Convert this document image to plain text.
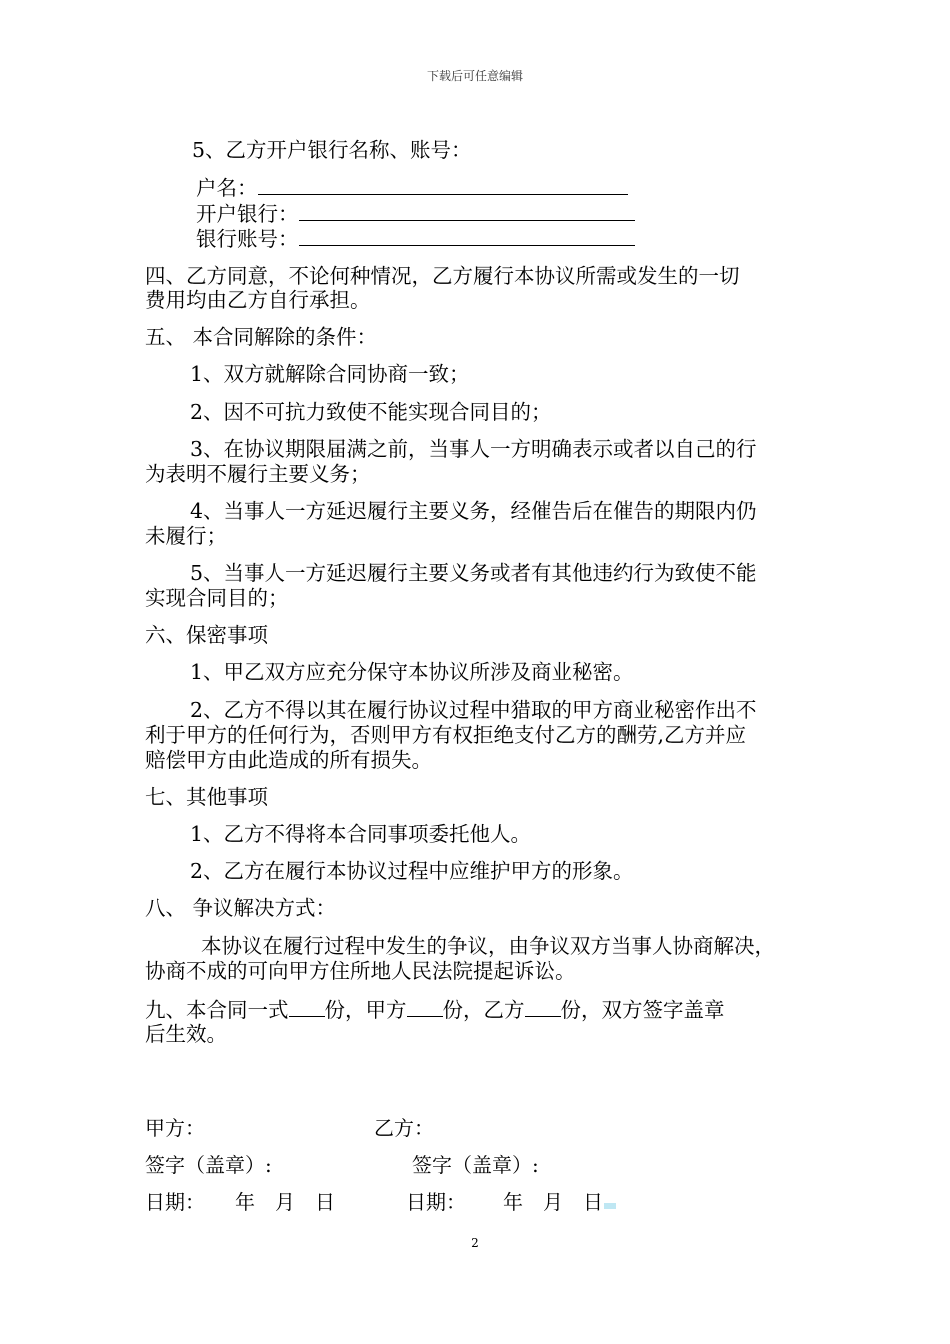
下载后可任意编辑
5、乙方开户银行名称、账号：
户名：
开户银行：
银行账号：
四、乙方同意，不论何种情况，乙方履行本协议所需或发生的一切
费用均由乙方自行承担。
五、 本合同解除的条件：
1、双方就解除合同协商一致；
2、因不可抗力致使不能实现合同目的；
3、在协议期限届满之前，当事人一方明确表示或者以自己的行
为表明不履行主要义务；
4、当事人一方延迟履行主要义务，经催告后在催告的期限内仍
未履行；
5、当事人一方延迟履行主要义务或者有其他违约行为致使不能
实现合同目的；
六、保密事项
1、甲乙双方应充分保守本协议所涉及商业秘密。
2、乙方不得以其在履行协议过程中猎取的甲方商业秘密作出不
利于甲方的任何行为，否则甲方有权拒绝支付乙方的酬劳,乙方并应
赔偿甲方由此造成的所有损失。
七、其他事项
1、乙方不得将本合同事项委托他人。
2、乙方在履行本协议过程中应维护甲方的形象。
八、 争议解决方式：
本协议在履行过程中发生的争议，由争议双方当事人协商解决，
协商不成的可向甲方住所地人民法院提起诉讼。
九、本合同一式 份，甲方 份，乙方 份，双方签字盖章
后生效。
甲方：	乙方：
签字（盖章）:	签字（盖章）:
日期： 年 月 日	日期： 年 月 日
2
